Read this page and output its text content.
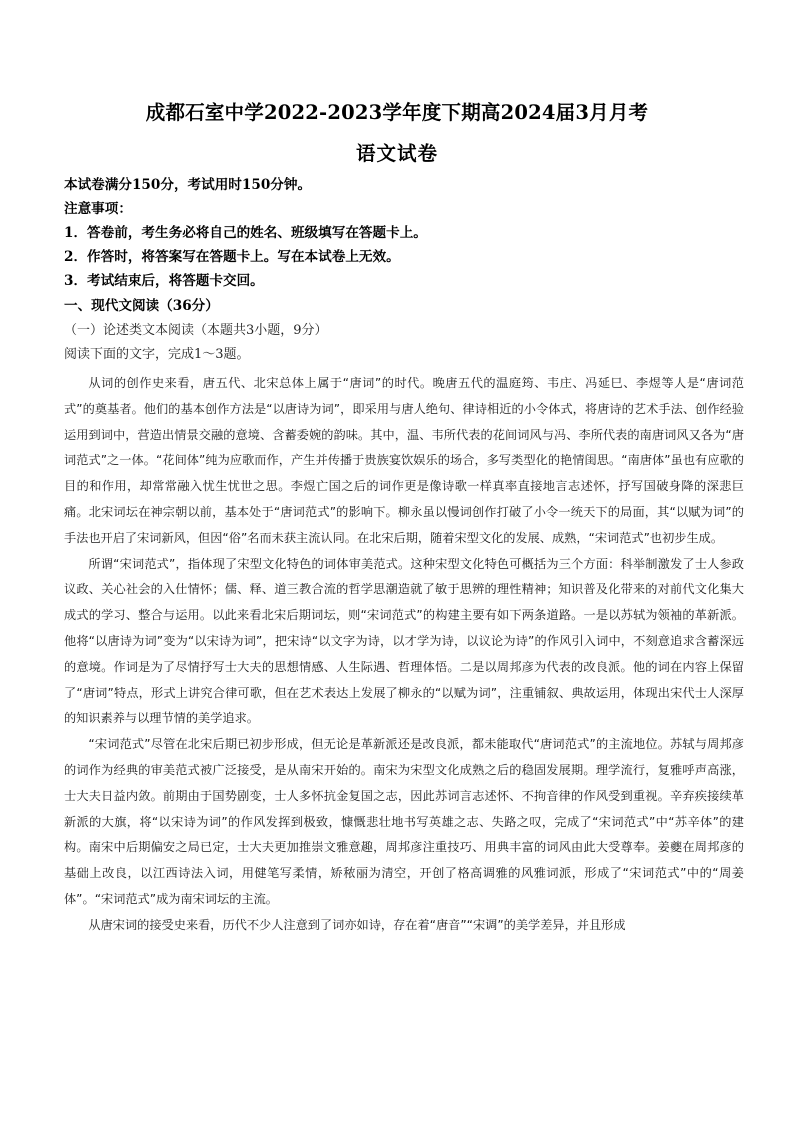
成都石室中学2022-2023学年度下期高2024届3月月考
语文试卷
本试卷满分150分，考试用时150分钟。
注意事项：
1．答卷前，考生务必将自己的姓名、班级填写在答题卡上。
2．作答时，将答案写在答题卡上。写在本试卷上无效。
3．考试结束后，将答题卡交回。
一、现代文阅读（36分）
（一）论述类文本阅读（本题共3小题，9分）
阅读下面的文字，完成1～3题。

从词的创作史来看，唐五代、北宋总体上属于“唐词”的时代。晚唐五代的温庭筠、韦庄、冯延巳、李煜等人是“唐词范式”的奠基者。他们的基本创作方法是“以唐诗为词”，即采用与唐人绝句、律诗相近的小令体式，将唐诗的艺术手法、创作经验运用到词中，营造出情景交融的意境、含蓄委婉的韵味。其中，温、韦所代表的花间词风与冯、李所代表的南唐词风又各为“唐词范式”之一体。“花间体”纯为应歌而作，产生并传播于贵族宴饮娱乐的场合，多写类型化的艳情闺思。“南唐体”虽也有应歌的目的和作用，却常常融入忧生忧世之思。李煜亡国之后的词作更是像诗歌一样真率直接地言志述怀，抒写国破身降的深悲巨痛。北宋词坛在神宗朝以前，基本处于“唐词范式”的影响下。柳永虽以慢词创作打破了小令一统天下的局面，其“以赋为词”的手法也开启了宋词新风，但因“俗”名而未获主流认同。在北宋后期，随着宋型文化的发展、成熟，“宋词范式”也初步生成。

所谓“宋词范式”，指体现了宋型文化特色的词体审美范式。这种宋型文化特色可概括为三个方面：科举制激发了士人参政议政、关心社会的入仕情怀；儒、释、道三教合流的哲学思潮造就了敏于思辨的理性精神；知识普及化带来的对前代文化集大成式的学习、整合与运用。以此来看北宋后期词坛，则“宋词范式”的构建主要有如下两条道路。一是以苏轼为领袖的革新派。他将“以唐诗为词”变为“以宋诗为词”，把宋诗“以文字为诗，以才学为诗，以议论为诗”的作风引入词中，不刻意追求含蓄深远的意境。作词是为了尽情抒写士大夫的思想情感、人生际遇、哲理体悟。二是以周邦彦为代表的改良派。他的词在内容上保留了“唐词”特点，形式上讲究合律可歌，但在艺术表达上发展了柳永的“以赋为词”，注重铺叙、典故运用，体现出宋代士人深厚的知识素养与以理节情的美学追求。

“宋词范式”尽管在北宋后期已初步形成，但无论是革新派还是改良派，都未能取代“唐词范式”的主流地位。苏轼与周邦彦的词作为经典的审美范式被广泛接受，是从南宋开始的。南宋为宋型文化成熟之后的稳固发展期。理学流行，复雅呼声高涨，士大夫日益内敛。前期由于国势剧变，士人多怀抗金复国之志，因此苏词言志述怀、不拘音律的作风受到重视。辛弃疾接续革新派的大旗，将“以宋诗为词”的作风发挥到极致，慷慨悲壮地书写英雄之志、失路之叹，完成了“宋词范式”中“苏辛体”的建构。南宋中后期偏安之局已定，士大夫更加推崇文雅意趣，周邦彦注重技巧、用典丰富的词风由此大受尊奉。姜夔在周邦彦的基础上改良，以江西诗法入词，用健笔写柔情，矫秾丽为清空，开创了格高调雅的风雅词派，形成了“宋词范式”中的“周姜体”。“宋词范式”成为南宋词坛的主流。

从唐宋词的接受史来看，历代不少人注意到了词亦如诗，存在着“唐音”“宋调”的美学差异，并且形成
